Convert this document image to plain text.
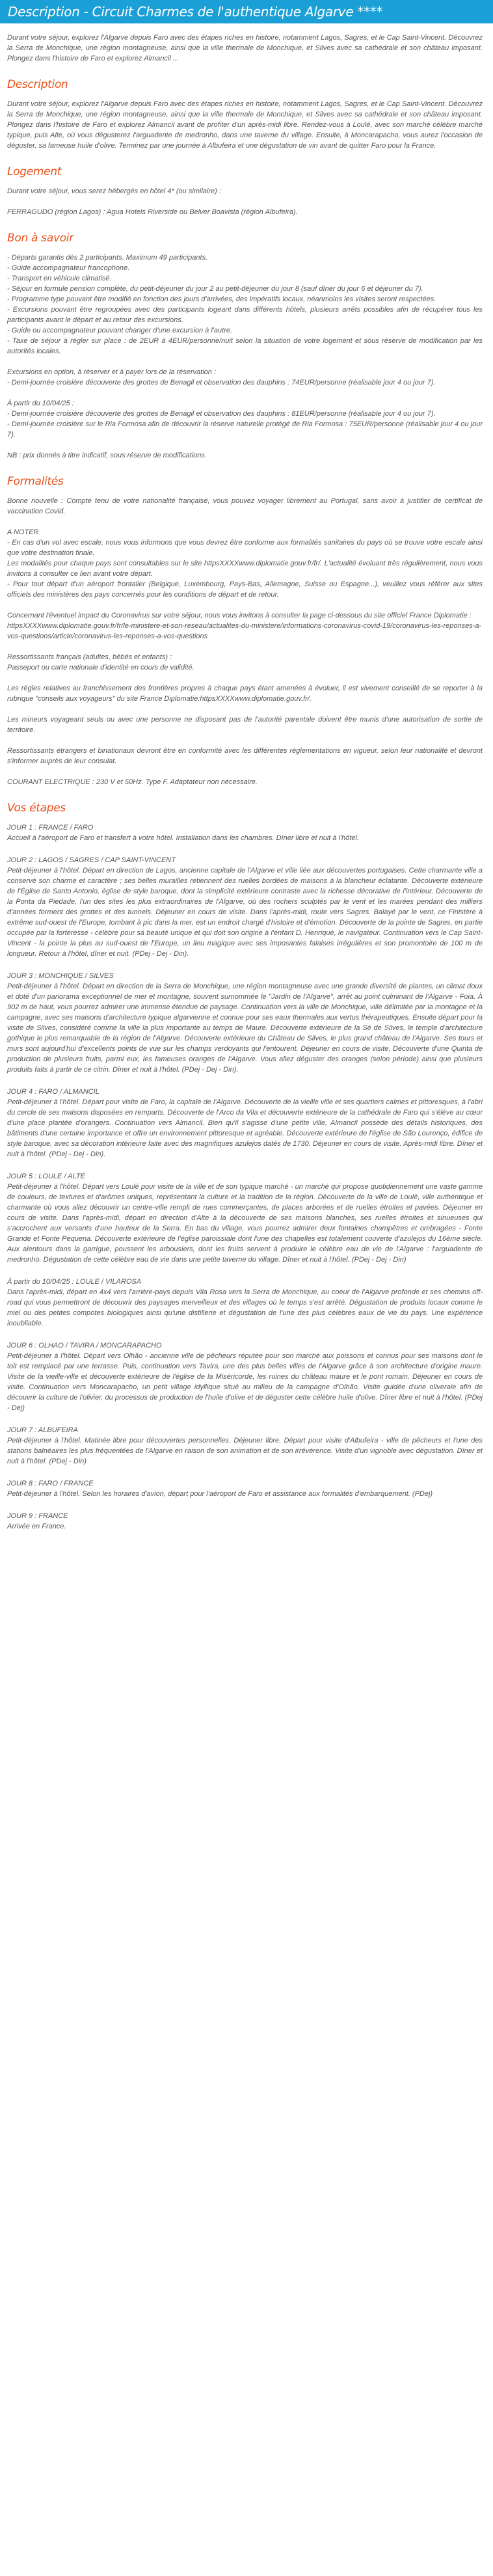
Description - Circuit Charmes de l'authentique Algarve ****

Durant votre séjour, explorez l'Algarve depuis Faro avec des étapes riches en histoire, notamment Lagos, Sagres, et le Cap Saint-Vincent. Découvrez la Serra de Monchique, une région montagneuse, ainsi que la ville thermale de Monchique, et Silves avec sa cathédrale et son château imposant. Plongez dans l'histoire de Faro et explorez Almancil ...

Description

Durant votre séjour, explorez l'Algarve depuis Faro avec des étapes riches en histoire, notamment Lagos, Sagres, et le Cap Saint-Vincent. Découvrez la Serra de Monchique, une région montagneuse, ainsi que la ville thermale de Monchique, et Silves avec sa cathédrale et son château imposant. Plongez dans l'histoire de Faro et explorez Almancil avant de profiter d'un après-midi libre. Rendez-vous à Loulé, avec son marché célèbre marché typique, puis Alte, où vous dégusterez l'arguadente de medronho, dans une taverne du village. Ensuite, à Moncarapacho, vous aurez l'occasion de déguster, sa fameuse huile d'olive. Terminez par une journée à Albufeira et une dégustation de vin avant de quitter Faro pour la France.

Logement

Durant votre séjour, vous serez hébergés en hôtel 4* (ou similaire) :

FERRAGUDO (région Lagos) : Agua Hotels Riverside ou Belver Boavista (région Albufeira).

Bon à savoir

- Départs garantis dès 2 participants. Maximum 49 participants.

- Guide accompagnateur francophone.

- Transport en véhicule climatisé.

- Séjour en formule pension complète, du petit-déjeuner du jour 2 au petit-déjeuner du jour 8 (sauf dîner du jour 6 et déjeuner du 7).

- Programme type pouvant être modifié en fonction des jours d'arrivées, des impératifs locaux, néanmoins les visites seront respectées.

- Excursions pouvant être regroupées avec des participants logeant dans différents hôtels, plusieurs arrêts possibles afin de récupérer tous les participants avant le départ et au retour des excursions.

- Guide ou accompagnateur pouvant changer d'une excursion à l'autre.

- Taxe de séjour à régler sur place : de 2EUR à 4EUR/personne/nuit selon la situation de votre logement et sous réserve de modification par les autorités locales.

Excursions en option, à réserver et à payer lors de la réservation :

- Demi-journée croisière découverte des grottes de Benagil et observation des dauphins : 74EUR/personne (réalisable jour 4 ou jour 7).

À partir du 10/04/25 :

- Demi-journée croisière découverte des grottes de Benagil et observation des dauphins : 81EUR/personne (réalisable jour 4 ou jour 7).

- Demi-journée croisière sur le Ria Formosa afin de découvrir la réserve naturelle protégé de Ria Formosa : 75EUR/personne (réalisable jour 4 ou jour 7).

NB : prix donnés à titre indicatif, sous réserve de modifications.

Formalités

Bonne nouvelle : Compte tenu de votre nationalité française, vous pouvez voyager librement au Portugal, sans avoir à justifier de certificat de vaccination Covid.

A NOTER

- En cas d'un vol avec escale, nous vous informons que vous devrez être conforme aux formalités sanitaires du pays où se trouve votre escale ainsi que votre destination finale.

Les modalités pour chaque pays sont consultables sur le site httpsXXXXwww.diplomatie.gouv.fr/fr/. L'actualité évoluant très régulièrement, nous vous invitons à consulter ce lien avant votre départ.

- Pour tout départ d'un aéroport frontalier (Belgique, Luxembourg, Pays-Bas, Allemagne, Suisse ou Espagne...), veuillez vous référer aux sites officiels des ministères des pays concernés pour les conditions de départ et de retour.

Concernant l'éventuel impact du Coronavirus sur votre séjour, nous vous invitons à consulter la page ci-dessous du site officiel France Diplomatie :

httpsXXXXwww.diplomatie.gouv.fr/fr/le-ministere-et-son-reseau/actualites-du-ministere/informations-coronavirus-covid-19/coronavirus-les-reponses-a-vos-questions/article/coronavirus-les-reponses-a-vos-questions

Ressortissants français (adultes, bébés et enfants) :

Passeport ou carte nationale d'identité en cours de validité.

Les règles relatives au franchissement des frontières propres à chaque pays étant amenées à évoluer, il est vivement conseillé de se reporter à la rubrique "conseils aux voyageurs" du site France Diplomatie:httpsXXXXwww.diplomatie.gouv.fr/.

Les mineurs voyageant seuls ou avec une personne ne disposant pas de l'autorité parentale doivent être munis d'une autorisation de sortie de territoire.

Ressortissants étrangers et binationaux devront être en conformité avec les différentes réglementations en vigueur, selon leur nationalité et devront s'informer auprès de leur consulat.

COURANT ELECTRIQUE : 230 V et 50Hz. Type F. Adaptateur non nécessaire.

Vos étapes

JOUR 1 : FRANCE / FARO

Accueil à l'aéroport de Faro et transfert à votre hôtel. Installation dans les chambres. Dîner libre et nuit à l'hôtel.

JOUR 2 : LAGOS / SAGRES / CAP SAINT-VINCENT

Petit-déjeuner à l'hôtel. Départ en direction de Lagos, ancienne capitale de l'Algarve et ville liée aux découvertes portugaises. Cette charmante ville a conservé son charme et caractère ; ses belles murailles retiennent des ruelles bordées de maisons à la blancheur éclatante. Découverte extérieure de l'Église de Santo Antonio, église de style baroque, dont la simplicité extérieure contraste avec la richesse décorative de l'intérieur. Découverte de la Ponta da Piedade, l'un des sites les plus extraordinaires de l'Algarve, où des rochers sculptés par le vent et les marées pendant des milliers d'années forment des grottes et des tunnels. Déjeuner en cours de visite. Dans l'après-midi, route vers Sagres. Balayé par le vent, ce Finistère à extrême sud-ouest de l'Europe, tombant à pic dans la mer, est un endroit chargé d'histoire et d'émotion. Découverte de la pointe de Sagres, en partie occupée par la forteresse - célèbre pour sa beauté unique et qui doit son origine à l'enfant D. Henrique, le navigateur. Continuation vers le Cap Saint-Vincent - la pointe la plus au sud-ouest de l'Europe, un lieu magique avec ses imposantes falaises irrégulières et son promontoire de 100 m de longueur. Retour à l'hôtel, dîner et nuit. (PDej - Dej - Din).

JOUR 3 : MONCHIQUE / SILVES

Petit-déjeuner à l'hôtel. Départ en direction de la Serra de Monchique, une région montagneuse avec une grande diversité de plantes, un climat doux et doté d'un panorama exceptionnel de mer et montagne, souvent surnommée le "Jardin de l'Algarve", arrêt au point culminant de l'Algarve - Foia. À 902 m de haut, vous pourrez admirer une immense étendue de paysage. Continuation vers la ville de Monchique, ville délimitée par la montagne et la campagne, avec ses maisons d'architecture typique algarvienne et connue pour ses eaux thermales aux vertus thérapeutiques. Ensuite départ pour la visite de Silves, considéré comme la ville la plus importante au temps de Maure. Découverte extérieure de la Sé de Silves, le temple d'architecture gothique le plus remarquable de la région de l'Algarve. Découverte extérieure du Château de Silves, le plus grand château de l'Algarve. Ses tours et murs sont aujourd'hui d'excellents points de vue sur les champs verdoyants qui l'entourent. Déjeuner en cours de visite. Découverte d'une Quinta de production de plusieurs fruits, parmi eux, les fameuses oranges de l'Algarve. Vous allez déguster des oranges (selon période) ainsi que plusieurs produits faits à partir de ce citrin. Dîner et nuit à l'hôtel. (PDej - Dej - Din).

JOUR 4 : FARO / ALMANCIL

Petit-déjeuner à l'hôtel. Départ pour visite de Faro, la capitale de l'Algarve. Découverte de la vieille ville et ses quartiers calmes et pittoresques, à l'abri du cercle de ses maisons disposées en remparts. Découverte de l'Arco da Vila et découverte extérieure de la cathédrale de Faro qui s'élève au cœur d'une place plantée d'orangers. Continuation vers Almancil. Bien qu'il s'agisse d'une petite ville, Almancil possède des détails historiques, des bâtiments d'une certaine importance et offre un environnement pittoresque et agréable. Découverte extérieure de l'église de São Lourenço, édifice de style baroque, avec sa décoration intérieure faite avec des magnifiques azulejos datés de 1730. Déjeuner en cours de visite. Après-midi libre. Dîner et nuit à l'hôtel. (PDej - Dej - Din).

JOUR 5 : LOULE / ALTE

Petit-déjeuner à l'hôtel. Départ vers Loulé pour visite de la ville et de son typique marché - un marché qui propose quotidiennement une vaste gamme de couleurs, de textures et d'arômes uniques, représentant la culture et la tradition de la région. Découverte de la ville de Loulé, ville authentique et charmante où vous allez découvrir un centre-ville rempli de rues commerçantes, de places arborées et de ruelles étroites et pavées. Déjeuner en cours de visite. Dans l'après-midi, départ en direction d'Alte à la découverte de ses maisons blanches, ses ruelles étroites et sinueuses qui s'accrochent aux versants d'une hauteur de la Serra. En bas du village, vous pourrez admirer deux fontaines champêtres et ombragées - Fonte Grande et Fonte Pequena. Découverte extérieure de l'église paroissiale dont l'une des chapelles est totalement couverte d'azulejos du 16ème siècle. Aux alentours dans la garrigue, poussent les arbousiers, dont les fruits servent à produire le célèbre eau de vie de l'Algarve : l'arguadente de medronho. Dégustation de cette célèbre eau de vie dans une petite taverne du village. Dîner et nuit à l'hôtel. (PDej - Dej - Din)

À partir du 10/04/25 : LOULE / VILAROSA

Dans l'après-midi, départ en 4x4 vers l'arrière-pays depuis Vila Rosa vers la Serra de Monchique, au coeur de l'Algarve profonde et ses chemins off-road qui vous permettront de découvrir des paysages merveilleux et des villages où le temps s'est arrêté. Dégustation de produits locaux comme le miel ou des petites compotes biologiques ainsi qu'une distillerie et dégustation de l'une des plus célèbres eaux de vie du pays. Une expérience inoubliable.

JOUR 6 : OLHAO / TAVIRA / MONCARAPACHO

Petit-déjeuner à l'hôtel. Départ vers Olhão - ancienne ville de pêcheurs réputée pour son marché aux poissons et connus pour ses maisons dont le toit est remplacé par une terrasse. Puis, continuation vers Tavira, une des plus belles villes de l'Algarve grâce à son architecture d'origine maure. Visite de la vieille-ville et découverte extérieure de l'église de la Miséricorde, les ruines du château maure et le pont romain. Déjeuner en cours de visite. Continuation vers Moncarapacho, un petit village idyllique situé au milieu de la campagne d'Olhão. Visite guidée d'une oliveraie afin de découvrir la culture de l'olivier, du processus de production de l'huile d'olive et de déguster cette célèbre huile d'olive. Dîner libre et nuit à l'hôtel. (PDej - Dej)

JOUR 7 : ALBUFEIRA

Petit-déjeuner à l'hôtel. Matinée libre pour découvertes personnelles. Déjeuner libre. Départ pour visite d'Albufeira - ville de pêcheurs et l'une des stations balnéaires les plus fréquentées de l'Algarve en raison de son animation et de son irrévérence. Visite d'un vignoble avec dégustation. Dîner et nuit à l'hôtel. (PDej - Din)

JOUR 8 : FARO / FRANCE

Petit-déjeuner à l'hôtel. Selon les horaires d'avion, départ pour l'aéroport de Faro et assistance aux formalités d'embarquement. (PDej)

JOUR 9 : FRANCE

Arrivée en France.
